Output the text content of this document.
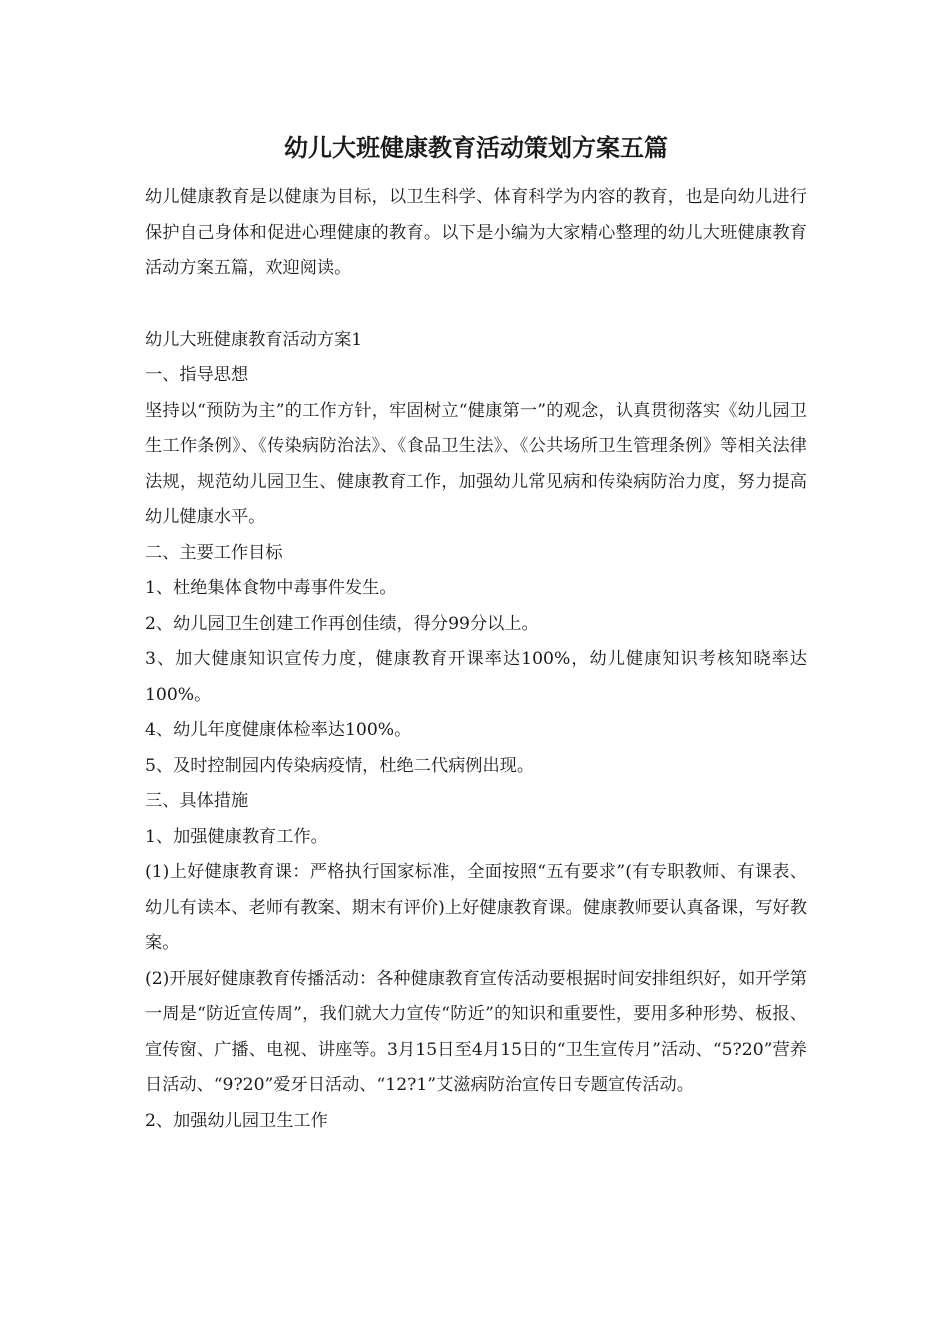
幼儿大班健康教育活动策划方案五篇

幼儿健康教育是以健康为目标，以卫生科学、体育科学为内容的教育，也是向幼儿进行保护自己身体和促进心理健康的教育。以下是小编为大家精心整理的幼儿大班健康教育活动方案五篇，欢迎阅读。

幼儿大班健康教育活动方案1

一、指导思想

坚持以“预防为主”的工作方针，牢固树立“健康第一”的观念，认真贯彻落实《幼儿园卫生工作条例》、《传染病防治法》、《食品卫生法》、《公共场所卫生管理条例》等相关法律法规，规范幼儿园卫生、健康教育工作，加强幼儿常见病和传染病防治力度，努力提高幼儿健康水平。

二、主要工作目标

1、杜绝集体食物中毒事件发生。

2、幼儿园卫生创建工作再创佳绩，得分99分以上。

3、加大健康知识宣传力度，健康教育开课率达100%，幼儿健康知识考核知晓率达100%。

4、幼儿年度健康体检率达100%。

5、及时控制园内传染病疫情，杜绝二代病例出现。

三、具体措施

1、加强健康教育工作。

(1)上好健康教育课：严格执行国家标准，全面按照“五有要求”(有专职教师、有课表、幼儿有读本、老师有教案、期末有评价)上好健康教育课。健康教师要认真备课，写好教案。

(2)开展好健康教育传播活动：各种健康教育宣传活动要根据时间安排组织好，如开学第一周是“防近宣传周”，我们就大力宣传“防近”的知识和重要性，要用多种形势、板报、宣传窗、广播、电视、讲座等。3月15日至4月15日的“卫生宣传月”活动、“5?20”营养日活动、“9?20”爱牙日活动、“12?1”艾滋病防治宣传日专题宣传活动。

2、加强幼儿园卫生工作
